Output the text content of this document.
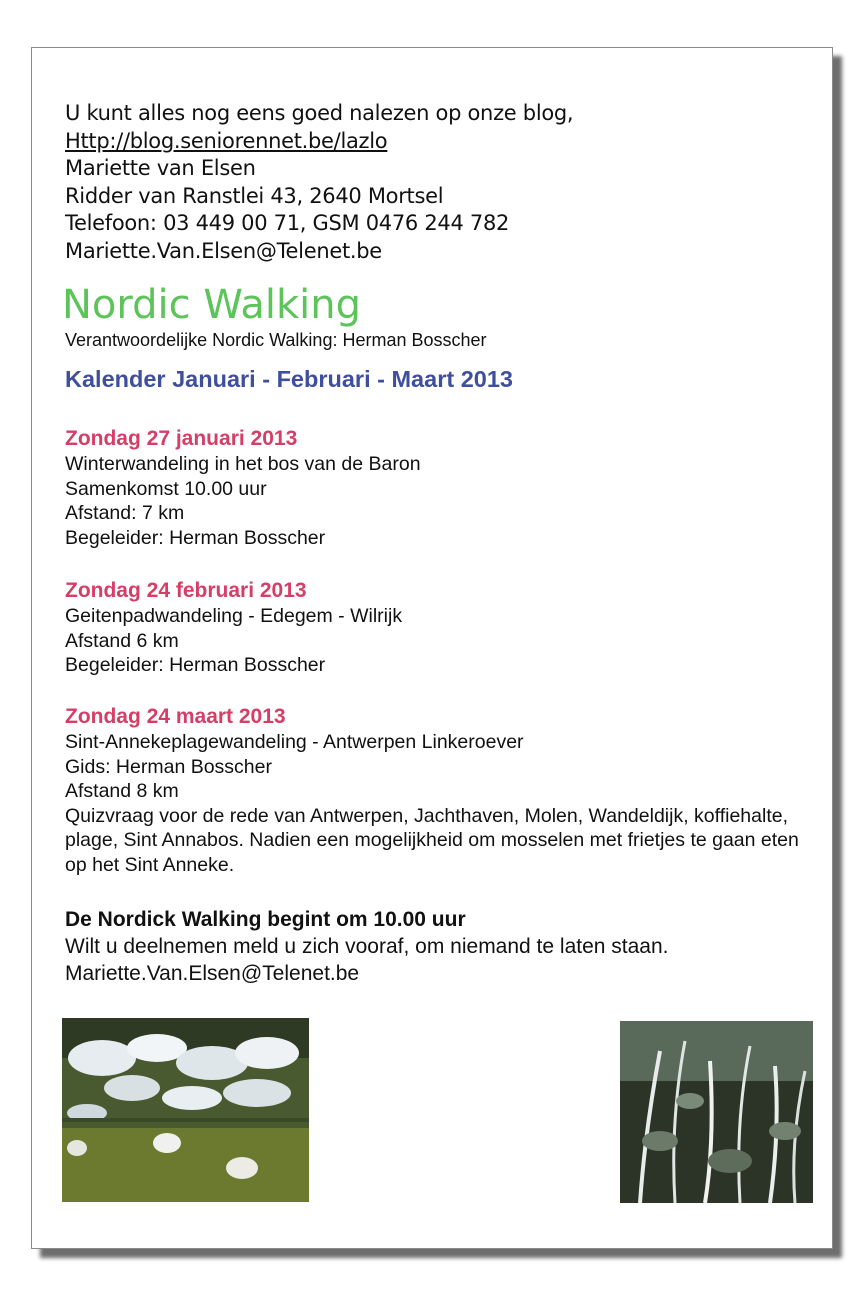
U kunt alles nog eens goed nalezen op onze blog,
Http://blog.seniorennet.be/lazlo
Mariette van Elsen
Ridder van Ranstlei 43, 2640 Mortsel
Telefoon: 03 449 00 71, GSM 0476 244 782
Mariette.Van.Elsen@Telenet.be
Nordic Walking
Verantwoordelijke Nordic Walking: Herman Bosscher
Kalender Januari - Februari - Maart 2013
Zondag 27 januari 2013
Winterwandeling in het bos van de Baron
Samenkomst 10.00 uur
Afstand: 7 km
Begeleider: Herman Bosscher
Zondag 24 februari 2013
Geitenpadwandeling - Edegem - Wilrijk
Afstand 6 km
Begeleider: Herman Bosscher
Zondag 24 maart 2013
Sint-Annekeplagewandeling - Antwerpen Linkeroever
Gids: Herman Bosscher
Afstand 8 km
Quizvraag voor de rede van Antwerpen, Jachthaven, Molen, Wandeldijk, koffiehalte, plage, Sint Annabos. Nadien een mogelijkheid om mosselen met frietjes te gaan eten op het Sint Anneke.
De Nordick Walking begint om 10.00 uur
Wilt u deelnemen meld u zich vooraf, om niemand te laten staan.
Mariette.Van.Elsen@Telenet.be
